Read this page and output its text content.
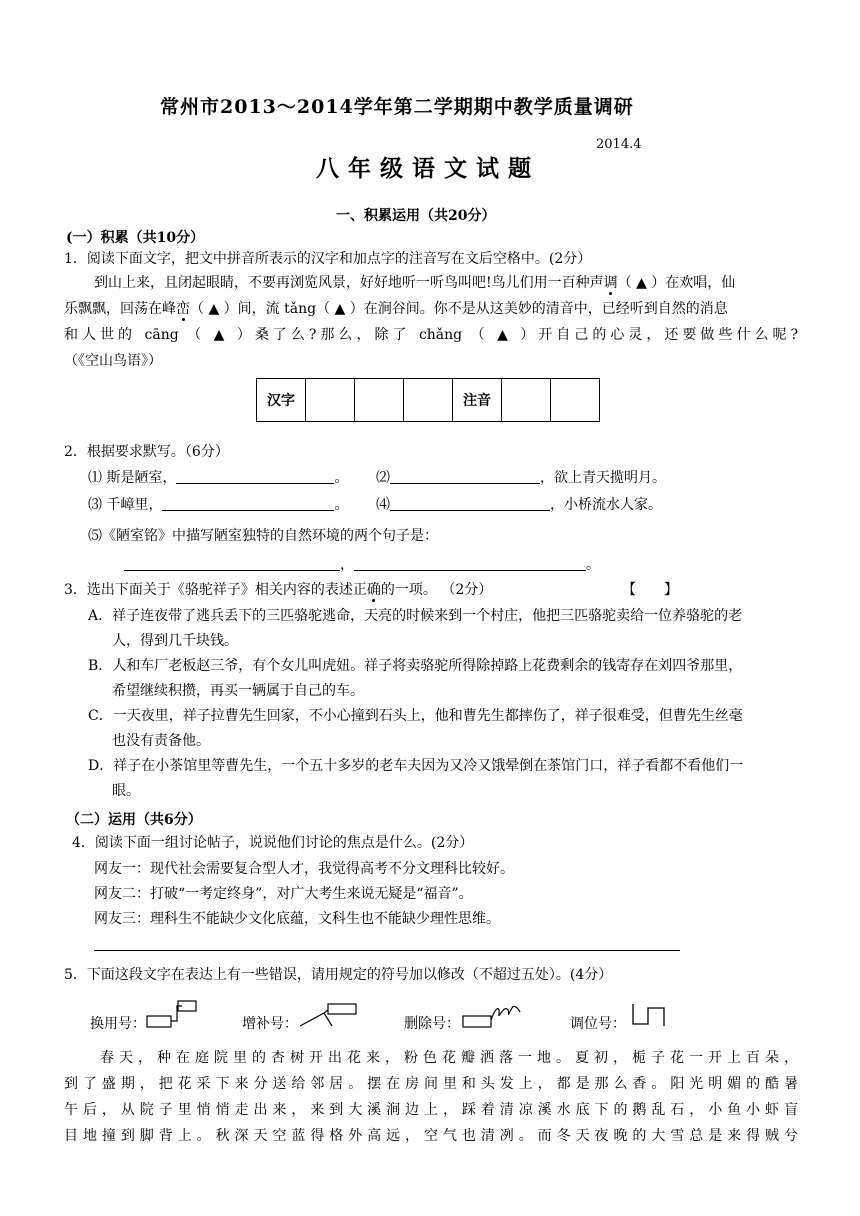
常州市2013～2014学年第二学期期中教学质量调研
2014.4
八年级语文试题
一、积累运用（共20分）
(一）积累（共10分）
1．阅读下面文字，把文中拼音所表示的汉字和加点字的注音写在文后空格中。(2分）
到山上来，且闭起眼睛，不要再浏览风景，好好地听一听鸟叫吧!鸟儿们用一百种声调（ ▲ ）在欢唱，仙
乐飘飘，回荡在峰峦（ ▲ ）间，流 tǎng（ ▲ ）在涧谷间。你不是从这美妙的清音中，已经听到自然的消息
和人世的 cāng （ ▲ ）桑了么?那么，除了 chǎng （ ▲ ）开自己的心灵，还要做些什么呢?
（《空山鸟语》）
汉字				注音		
2．根据要求默写。（6分）
⑴ 斯是陋室，	。 ⑵	，欲上青天揽明月。
⑶ 千嶂里，	。 ⑷	，小桥流水人家。
⑸《陋室铭》中描写陋室独特的自然环境的两个句子是：
，	。
3．选出下面关于《骆驼祥子》相关内容的表述正确的一项。 （2分）	【　　】
A．祥子连夜带了逃兵丢下的三匹骆驼逃命，天亮的时候来到一个村庄，他把三匹骆驼卖给一位养骆驼的老
人，得到几千块钱。
B．人和车厂老板赵三爷，有个女儿叫虎妞。祥子将卖骆驼所得除掉路上花费剩余的钱寄存在刘四爷那里，
希望继续积攒，再买一辆属于自己的车。
C．一天夜里，祥子拉曹先生回家，不小心撞到石头上，他和曹先生都摔伤了，祥子很难受，但曹先生丝毫
也没有责备他。
D．祥子在小茶馆里等曹先生，一个五十多岁的老车夫因为又冷又饿晕倒在茶馆门口，祥子看都不看他们一
眼。
（二）运用（共6分）
4．阅读下面一组讨论帖子，说说他们讨论的焦点是什么。(2分）
网友一：现代社会需要复合型人才，我觉得高考不分文理科比较好。
网友二：打破“一考定终身”，对广大考生来说无疑是“福音”。
网友三：理科生不能缺少文化底蕴，文科生也不能缺少理性思维。
5．下面这段文字在表达上有一些错误，请用规定的符号加以修改（不超过五处）。(4分）
换用号：	增补号：	删除号：	调位号：
春天，种在庭院里的杏树开出花来，粉色花瓣洒落一地。夏初，栀子花一开上百朵，
到了盛期，把花采下来分送给邻居。摆在房间里和头发上，都是那么香。阳光明媚的酷暑
午后，从院子里悄悄走出来，来到大溪涧边上，踩着清凉溪水底下的鹅乱石，小鱼小虾盲
目地撞到脚背上。秋深天空蓝得格外高远，空气也清冽。而冬天夜晚的大雪总是来得贼兮
